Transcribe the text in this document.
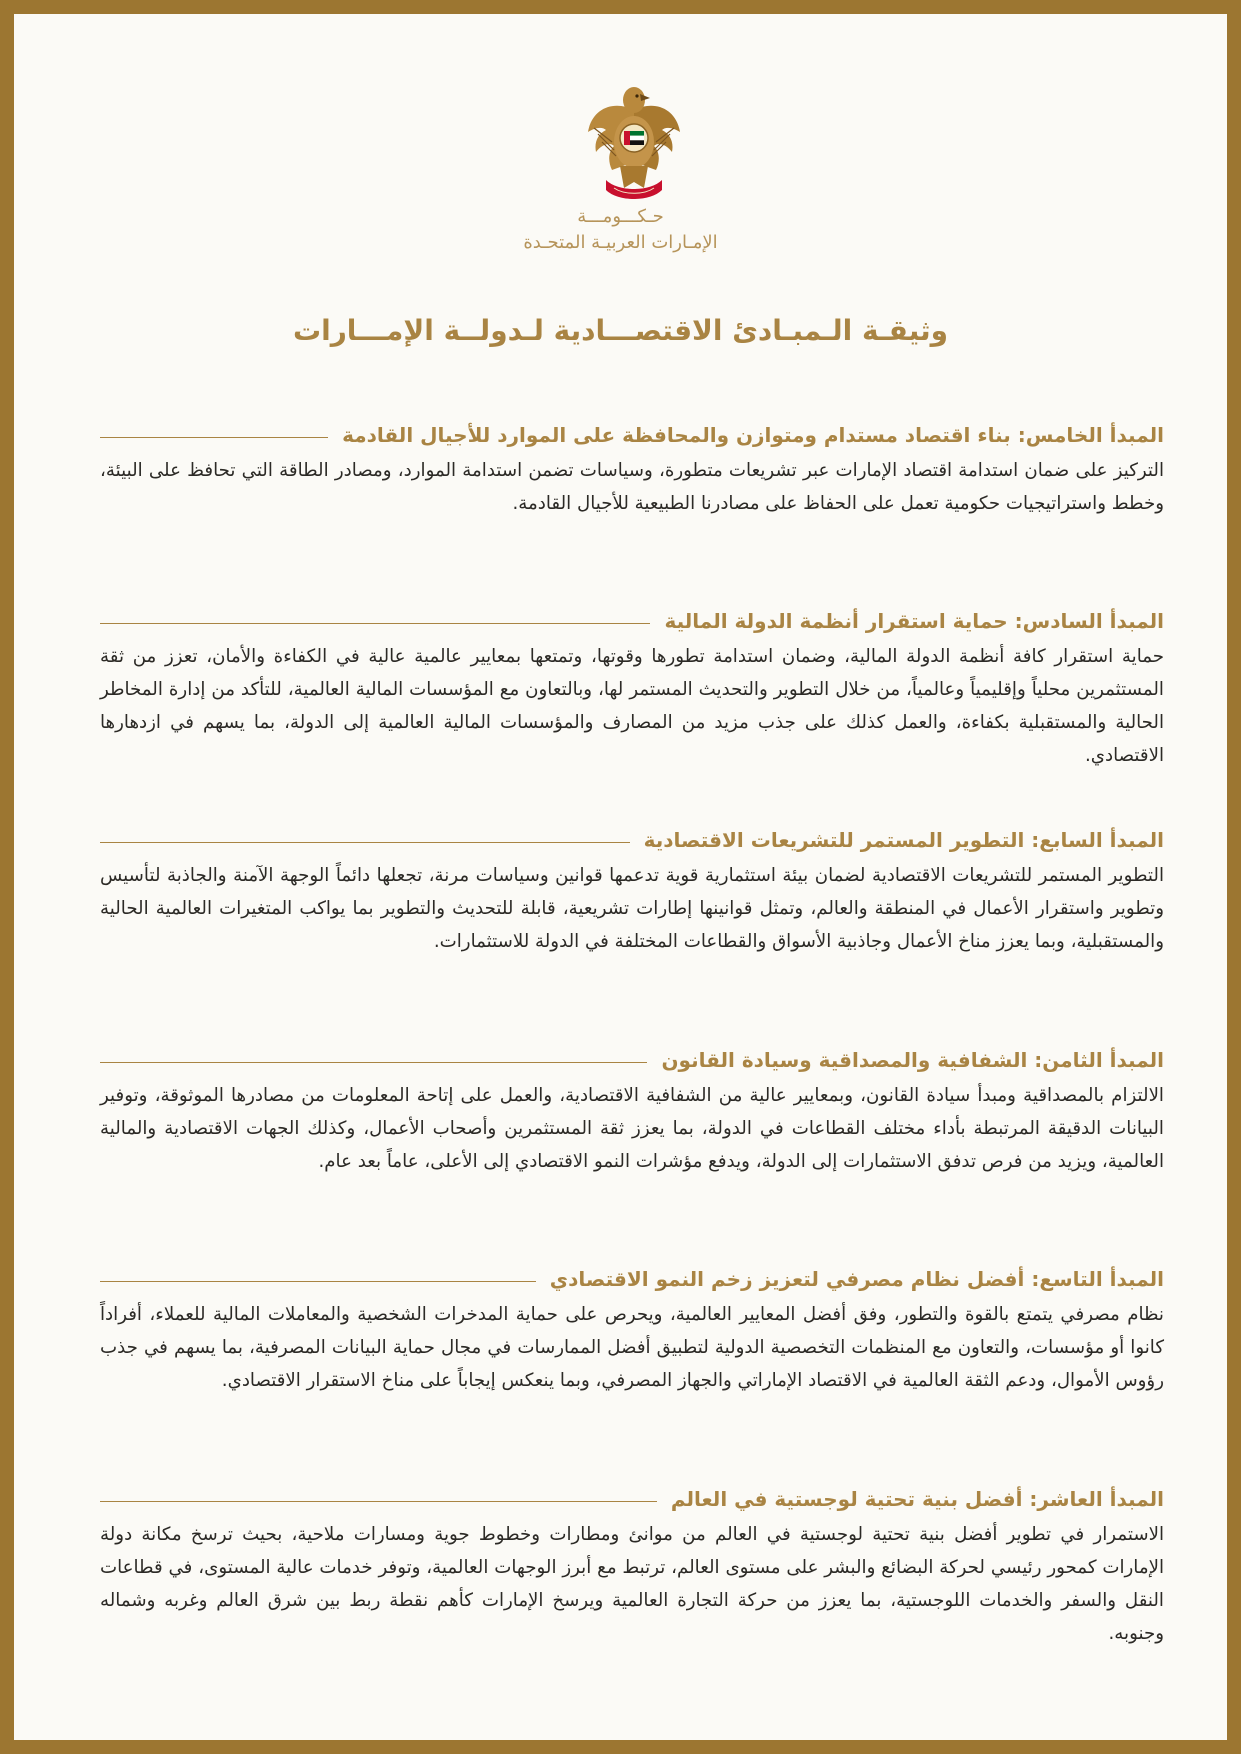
حـكـــومـــة
الإمـارات العربيـة المتحـدة
وثيقـة الـمبـادئ الاقتصـــادية لـدولــة الإمـــارات
المبدأ الخامس: بناء اقتصاد مستدام ومتوازن والمحافظة على الموارد للأجيال القادمة

التركيز على ضمان استدامة اقتصاد الإمارات عبر تشريعات متطورة، وسياسات تضمن استدامة الموارد، ومصادر الطاقة التي تحافظ على البيئة، وخطط واستراتيجيات حكومية تعمل على الحفاظ على مصادرنا الطبيعية للأجيال القادمة.

المبدأ السادس: حماية استقرار أنظمة الدولة المالية

حماية استقرار كافة أنظمة الدولة المالية، وضمان استدامة تطورها وقوتها، وتمتعها بمعايير عالمية عالية في الكفاءة والأمان، تعزز من ثقة المستثمرين محلياً وإقليمياً وعالمياً، من خلال التطوير والتحديث المستمر لها، وبالتعاون مع المؤسسات المالية العالمية، للتأكد من إدارة المخاطر الحالية والمستقبلية بكفاءة، والعمل كذلك على جذب مزيد من المصارف والمؤسسات المالية العالمية إلى الدولة، بما يسهم في ازدهارها الاقتصادي.

المبدأ السابع: التطوير المستمر للتشريعات الاقتصادية

التطوير المستمر للتشريعات الاقتصادية لضمان بيئة استثمارية قوية تدعمها قوانين وسياسات مرنة، تجعلها دائماً الوجهة الآمنة والجاذبة لتأسيس وتطوير واستقرار الأعمال في المنطقة والعالم، وتمثل قوانينها إطارات تشريعية، قابلة للتحديث والتطوير بما يواكب المتغيرات العالمية الحالية والمستقبلية، وبما يعزز مناخ الأعمال وجاذبية الأسواق والقطاعات المختلفة في الدولة للاستثمارات.

المبدأ الثامن: الشفافية والمصداقية وسيادة القانون

الالتزام بالمصداقية ومبدأ سيادة القانون، وبمعايير عالية من الشفافية الاقتصادية، والعمل على إتاحة المعلومات من مصادرها الموثوقة، وتوفير البيانات الدقيقة المرتبطة بأداء مختلف القطاعات في الدولة، بما يعزز ثقة المستثمرين وأصحاب الأعمال، وكذلك الجهات الاقتصادية والمالية العالمية، ويزيد من فرص تدفق الاستثمارات إلى الدولة، ويدفع مؤشرات النمو الاقتصادي إلى الأعلى، عاماً بعد عام.

المبدأ التاسع: أفضل نظام مصرفي لتعزيز زخم النمو الاقتصادي

نظام مصرفي يتمتع بالقوة والتطور، وفق أفضل المعايير العالمية، ويحرص على حماية المدخرات الشخصية والمعاملات المالية للعملاء، أفراداً كانوا أو مؤسسات، والتعاون مع المنظمات التخصصية الدولية لتطبيق أفضل الممارسات في مجال حماية البيانات المصرفية، بما يسهم في جذب رؤوس الأموال، ودعم الثقة العالمية في الاقتصاد الإماراتي والجهاز المصرفي، وبما ينعكس إيجاباً على مناخ الاستقرار الاقتصادي.

المبدأ العاشر: أفضل بنية تحتية لوجستية في العالم

الاستمرار في تطوير أفضل بنية تحتية لوجستية في العالم من موانئ ومطارات وخطوط جوية ومسارات ملاحية، بحيث ترسخ مكانة دولة الإمارات كمحور رئيسي لحركة البضائع والبشر على مستوى العالم، ترتبط مع أبرز الوجهات العالمية، وتوفر خدمات عالية المستوى، في قطاعات النقل والسفر والخدمات اللوجستية، بما يعزز من حركة التجارة العالمية ويرسخ الإمارات كأهم نقطة ربط بين شرق العالم وغربه وشماله وجنوبه.
